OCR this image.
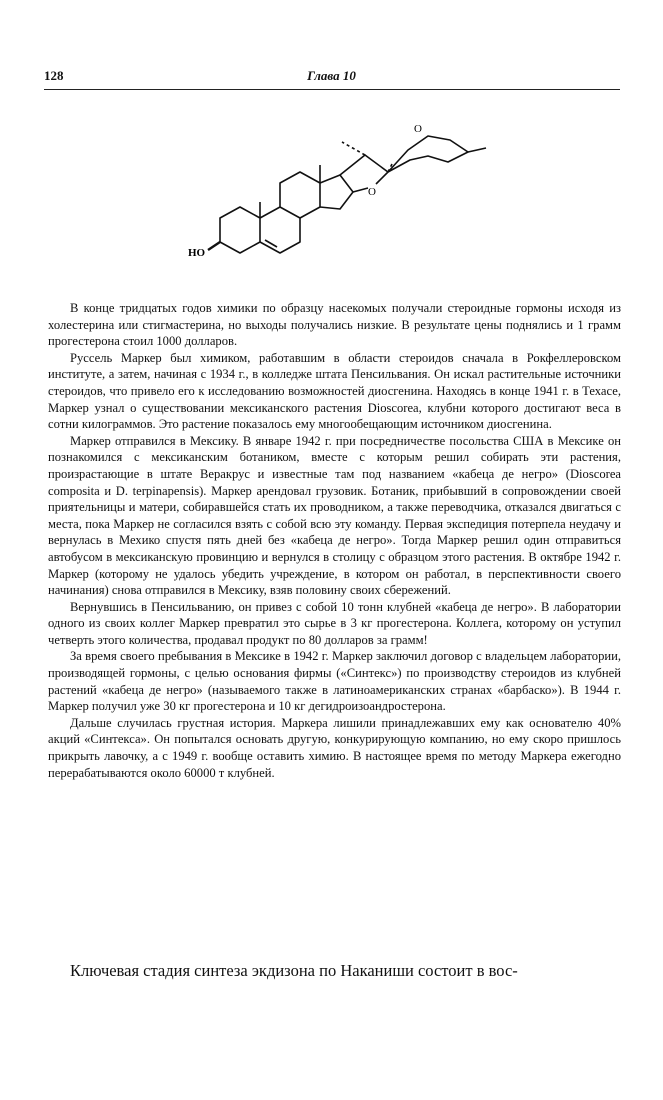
128	Глава 10
HO
O
O

В конце тридцатых годов химики по образцу насекомых получали стероидные гормоны исходя из холестерина или стигмастерина, но выходы получались низкие. В результате цены поднялись и 1 грамм прогестерона стоил 1000 долларов.

Руссель Маркер был химиком, работавшим в области стероидов сначала в Рокфеллеровском институте, а затем, начиная с 1934 г., в колледже штата Пенсильвания. Он искал растительные источники стероидов, что привело его к исследованию возможностей диосгенина. Находясь в конце 1941 г. в Техасе, Маркер узнал о существовании мексиканского растения Dioscorea, клубни которого достигают веса в сотни килограммов. Это растение показалось ему многообещающим источником диосгенина.

Маркер отправился в Мексику. В январе 1942 г. при посредничестве посольства США в Мексике он познакомился с мексиканским ботаником, вместе с которым решил собирать эти растения, произрастающие в штате Веракрус и известные там под названием «кабеца де негро» (Dioscorea composita и D. terpinapensis). Маркер арендовал грузовик. Ботаник, прибывший в сопровождении своей приятельницы и матери, собиравшейся стать их проводником, а также переводчика, отказался двигаться с места, пока Маркер не согласился взять с собой всю эту команду. Первая экспедиция потерпела неудачу и вернулась в Мехико спустя пять дней без «кабеца де негро». Тогда Маркер решил один отправиться автобусом в мексиканскую провинцию и вернулся в столицу с образцом этого растения. В октябре 1942 г. Маркер (которому не удалось убедить учреждение, в котором он работал, в перспективности своего начинания) снова отправился в Мексику, взяв половину своих сбережений.

Вернувшись в Пенсильванию, он привез с собой 10 тонн клубней «кабеца де негро». В лаборатории одного из своих коллег Маркер превратил это сырье в 3 кг прогестерона. Коллега, которому он уступил четверть этого количества, продавал продукт по 80 долларов за грамм!

За время своего пребывания в Мексике в 1942 г. Маркер заключил договор с владельцем лаборатории, производящей гормоны, с целью основания фирмы («Синтекс») по производству стероидов из клубней растений «кабеца де негро» (называемого также в латиноамериканских странах «барбаско»). В 1944 г. Маркер получил уже 30 кг прогестерона и 10 кг дегидроизоандростерона.

Дальше случилась грустная история. Маркера лишили принадлежавших ему как основателю 40% акций «Синтекса». Он попытался основать другую, конкурирующую компанию, но ему скоро пришлось прикрыть лавочку, а с 1949 г. вообще оставить химию. В настоящее время по методу Маркера ежегодно перерабатываются около 60000 т клубней.

Ключевая стадия синтеза экдизона по Наканиши состоит в вос-
